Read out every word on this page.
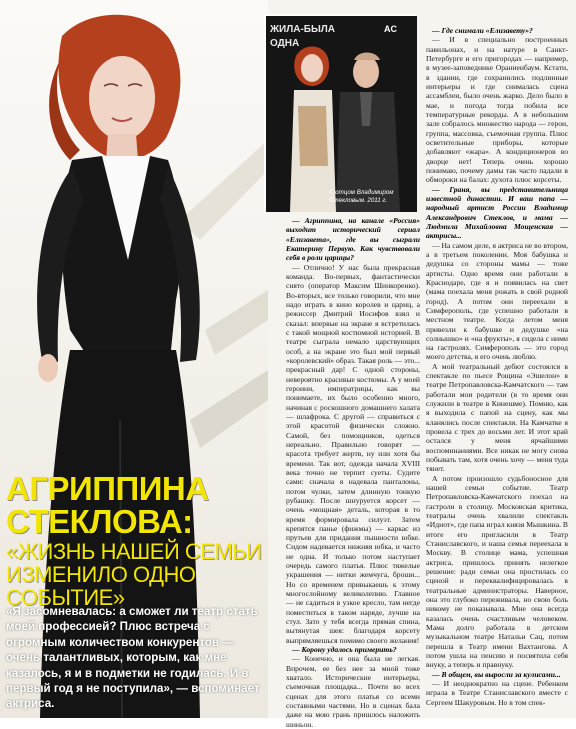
АГРИППИНА
СТЕКЛОВА:
«ЖИЗНЬ НАШЕЙ СЕМЬИ ИЗМЕНИЛО ОДНО СОБЫТИЕ»
«Я засомневалась: а сможет ли театр стать моей профессией? Плюс встреча с огромным количеством конкурентов — очень талантливых, которым, как мне казалось, я и в подметки не годилась. И в первый год я не поступила», — вспоминает актриса.
ЖИЛА-БЫЛА
ОДНА
AC
С отцом Владимиром Стекловым. 2011 г.

— Агриппина, на канале «Россия» выходит исторический сериал «Елизавета», где вы сыграли Екатерину Первую. Как чувствовали себя в роли царицы?

— Отлично! У нас была прекрасная команда. Во-первых, фантастически снято (оператор Максим Шинкоренко). Во-вторых, все только говорили, что мне надо играть в кино королев и цариц, а режиссер Дмитрий Иосифов взял и сказал: впервые на экране я встретилась с такой мощной костюмной историей. В театре сыграла немало царствующих особ, а на экране это был мой первый «королевский» образ. Такая роль — это... прекрасный дар! С одной стороны, невероятно красивые костюмы. А у моей героини, императрицы, как вы понимаете, их было особенно много, начиная с роскошного домашнего халата — шлафрока. С другой — справиться с этой красотой физически сложно. Самой, без помощников, одеться нереально. Правильно говорят — красота требует жертв, ну или хотя бы времени. Так вот, одежда начала XVIII века точно не терпит суеты. Судите сами: сначала я надевала панталоны, потом чулки, затем длинную тонкую рубашку. После шнуруется корсет — очень «мощная» деталь, которая в то время формировала силуэт. Затем крепятся панье (фижмы) — каркас из прутьев для придания пышности юбке. Сидом надевается нижняя юбка, и часто не одна. И только потом наступает очередь самого платья. Плюс тяжелые украшения — нитки жемчуга, броши... Но со временем привыкаешь к этому многослойному великолепию. Главное — не садиться в узкое кресло, там негде поместиться в таком наряде, лучше на стул. Зато у тебя всегда прямая спина, вытянутая шея: благодаря корсету выпрямляешься помимо своего желания!

— Корону удалось примерить?

— Конечно, и она была не легкая. Впрочем, ее без нее за мной тоже хватало. Исторические интерьеры, съемочная площадка... Почти во всех сценах для этого платья со всеми составными частями. Но в сценах бала даже на мою грань пришлось наложить шиньон.

— Где снимали «Елизавету»?

— И в специально построенных павильонах, и на натуре в Санкт-Петербурге и его пригородах — например, в музее-заповеднике Ораниенбаум. Кстати, в здании, где сохранились подлинные интерьеры и где снималась сцена ассамблеи, было очень жарко. Дело было в мае, и погода тогда побила все температурные рекорды. А в небольшом зале собралось множество народа — герои, группа, массовка, съемочная группа. Плюс осветительные приборы, которые добавляют «жара». А кондиционеров во дворце нет! Теперь очень хорошо понимаю, почему дамы так часто падали в обмороки на балах: духота плюс корсеты.

— Граня, вы представительница известной династии. И ваш папа — народный артист России Владимир Александрович Стеклов, и мама — Людмила Михайловна Мощенская — актрисы...

— На самом деле, я актриса не во втором, а в третьем поколении. Моя бабушка и дедушка со стороны мамы — тоже артисты. Одно время они работали в Краснодаре, где я и появилась на свет (мама поехала меня рожать в свой родной город). А потом они переехали в Симферополь, где успешно работали в местном театре. Когда летом меня привезли к бабушке и дедушке «на солнышко» и «на фрукты», я сидела с ними на гастролях. Симферополь — это город моего детства, я его очень люблю.

А мой театральный дебют состоялся в спектакле по пьесе Рощина «Эшелон» в театре Петропавловска-Камчатского — там работали мои родители (в то время они служили в театре в Кинешме). Помню, как я выходила с папой на сцену, как мы кланялись после спектакля. На Камчатке я провела с трех до восьми лет. И этот край остался у меня ярчайшими воспоминаниями. Все никак не могу снова побывать там, хотя очень хочу — меня туда тянет.

А потом произошло судьбоносное для нашей семьи событие. Театр Петропавловска-Камчатского поехал на гастроли в столицу. Московская критика, театралы очень хвалили спектакль «Идиот», где папа играл князя Мышкина. В итоге его пригласили в Театр Станиславского, и наша семья переехала в Москву. В столице мама, успешная актриса, пришлось принять нелегкое решение: ради семьи она простилась со сценой и переквалифицировалась в театральные администраторы. Наверное, она это глубоко переживала, но свою боль никому не показывала. Мне она всегда казалась очень счастливым человеком. Мама долго работала в детском музыкальном театре Натальи Сац, потом перешла в Театр имени Вахтангова. А потом ушла на пенсию и посвятила себя внуку, а теперь и правнуку.

— В общем, вы выросли за кулисами...

— И неоднократно на сцене. Ребенком играла в Театре Станиславского вместе с Сергеем Шакуровым. Но в том спек-
